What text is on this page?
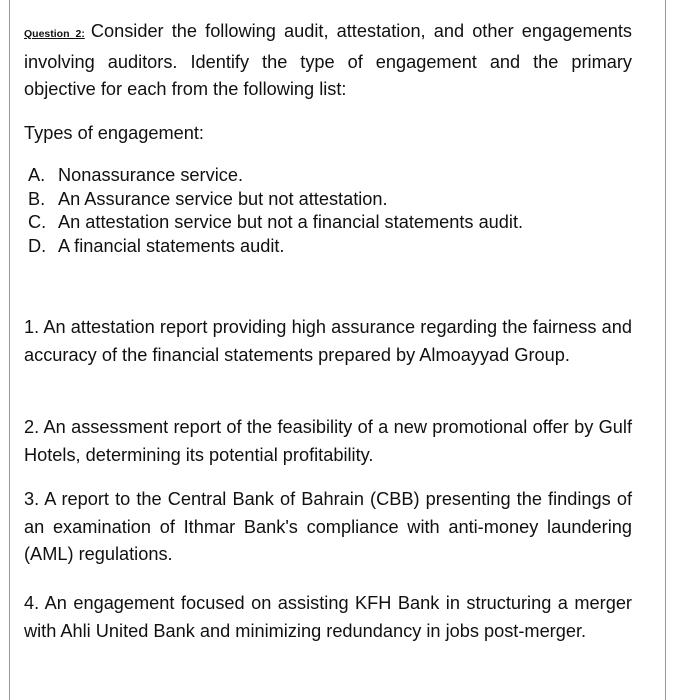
Question 2: Consider the following audit, attestation, and other engagements involving auditors. Identify the type of engagement and the primary objective for each from the following list:

Types of engagement:

A. Nonassurance service.
B. An Assurance service but not attestation.
C. An attestation service but not a financial statements audit.
D. A financial statements audit.

1. An attestation report providing high assurance regarding the fairness and accuracy of the financial statements prepared by Almoayyad Group.

2. An assessment report of the feasibility of a new promotional offer by Gulf Hotels, determining its potential profitability.

3. A report to the Central Bank of Bahrain (CBB) presenting the findings of an examination of Ithmar Bank's compliance with anti-money laundering (AML) regulations.

4. An engagement focused on assisting KFH Bank in structuring a merger with Ahli United Bank and minimizing redundancy in jobs post-merger.
